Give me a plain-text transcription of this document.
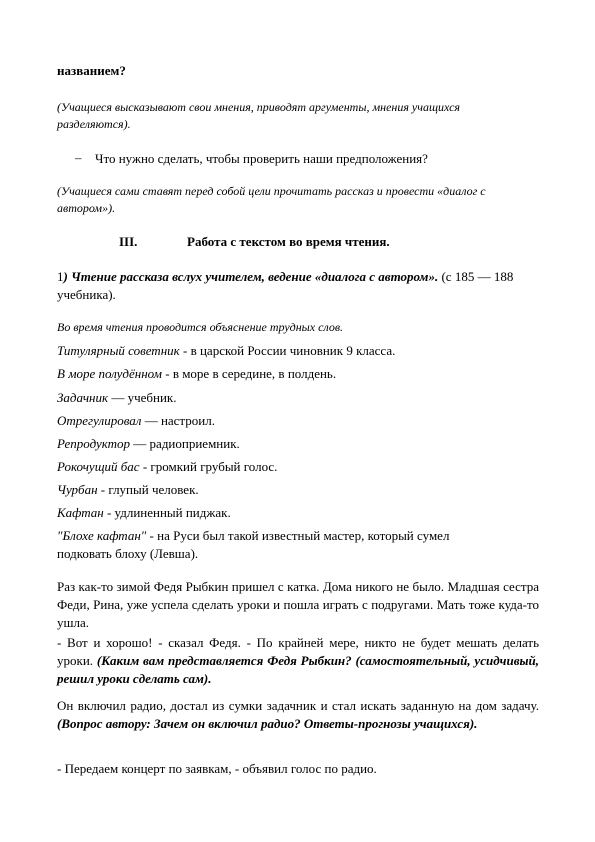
названием?
(Учащиеся высказывают свои мнения, приводят аргументы, мнения учащихся разделяются).
– Что нужно сделать, чтобы проверить наши предположения?
(Учащиеся сами ставят перед собой цели прочитать рассказ и провести «диалог с автором»).
III.	Работа с текстом во время чтения.
1) Чтение рассказа вслух учителем, ведение «диалога с автором». (с 185 — 188 учебника).
Во время чтения проводится объяснение трудных слов.
Титулярный советник - в царской России чиновник 9 класса.
В море полудённом - в море в середине, в полдень.
Задачник — учебник.
Отрегулировал — настроил.
Репродуктор — радиоприемник.
Рокочущий бас - громкий грубый голос.
Чурбан - глупый человек.
Кафтан - удлиненный пиджак.
"Блохе кафтан" - на Руси был такой известный мастер, который сумел подковать блоху (Левша).
Раз как-то зимой Федя Рыбкин пришел с катка. Дома никого не было. Младшая сестра Феди, Рина, уже успела сделать уроки и пошла играть с подругами. Мать тоже куда-то ушла.
- Вот и хорошо! - сказал Федя. - По крайней мере, никто не будет мешать делать уроки. (Каким вам представляется Федя Рыбкин? (самостоятельный, усидчивый, решил уроки сделать сам).
Он включил радио, достал из сумки задачник и стал искать заданную на дом задачу. (Вопрос автору: Зачем он включил радио? Ответы-прогнозы учащихся).
- Передаем концерт по заявкам, - объявил голос по радио.
